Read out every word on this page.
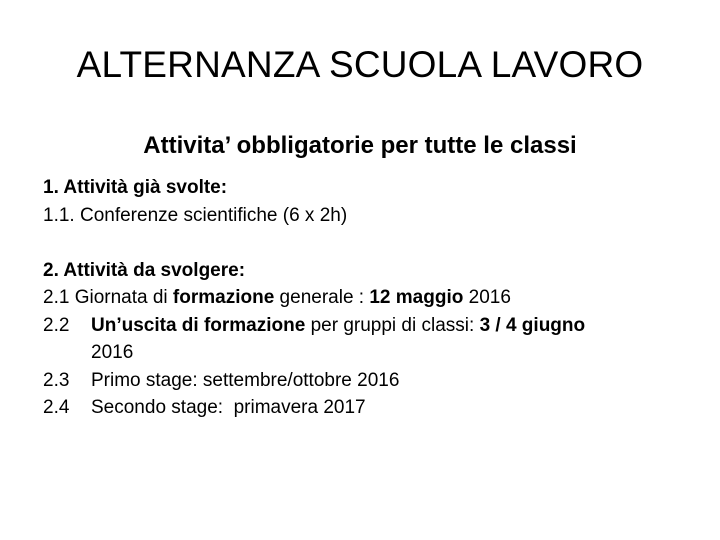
ALTERNANZA SCUOLA LAVORO
Attivita’ obbligatorie per tutte le classi
1. Attività già svolte:
1.1. Conferenze scientifiche (6 x 2h)
2. Attività da svolgere:
2.1 Giornata di formazione generale : 12 maggio 2016
2.2 Un’uscita di formazione per gruppi di classi: 3 / 4 giugno
2016
2.3 Primo stage: settembre/ottobre 2016
2.4 Secondo stage:  primavera 2017
